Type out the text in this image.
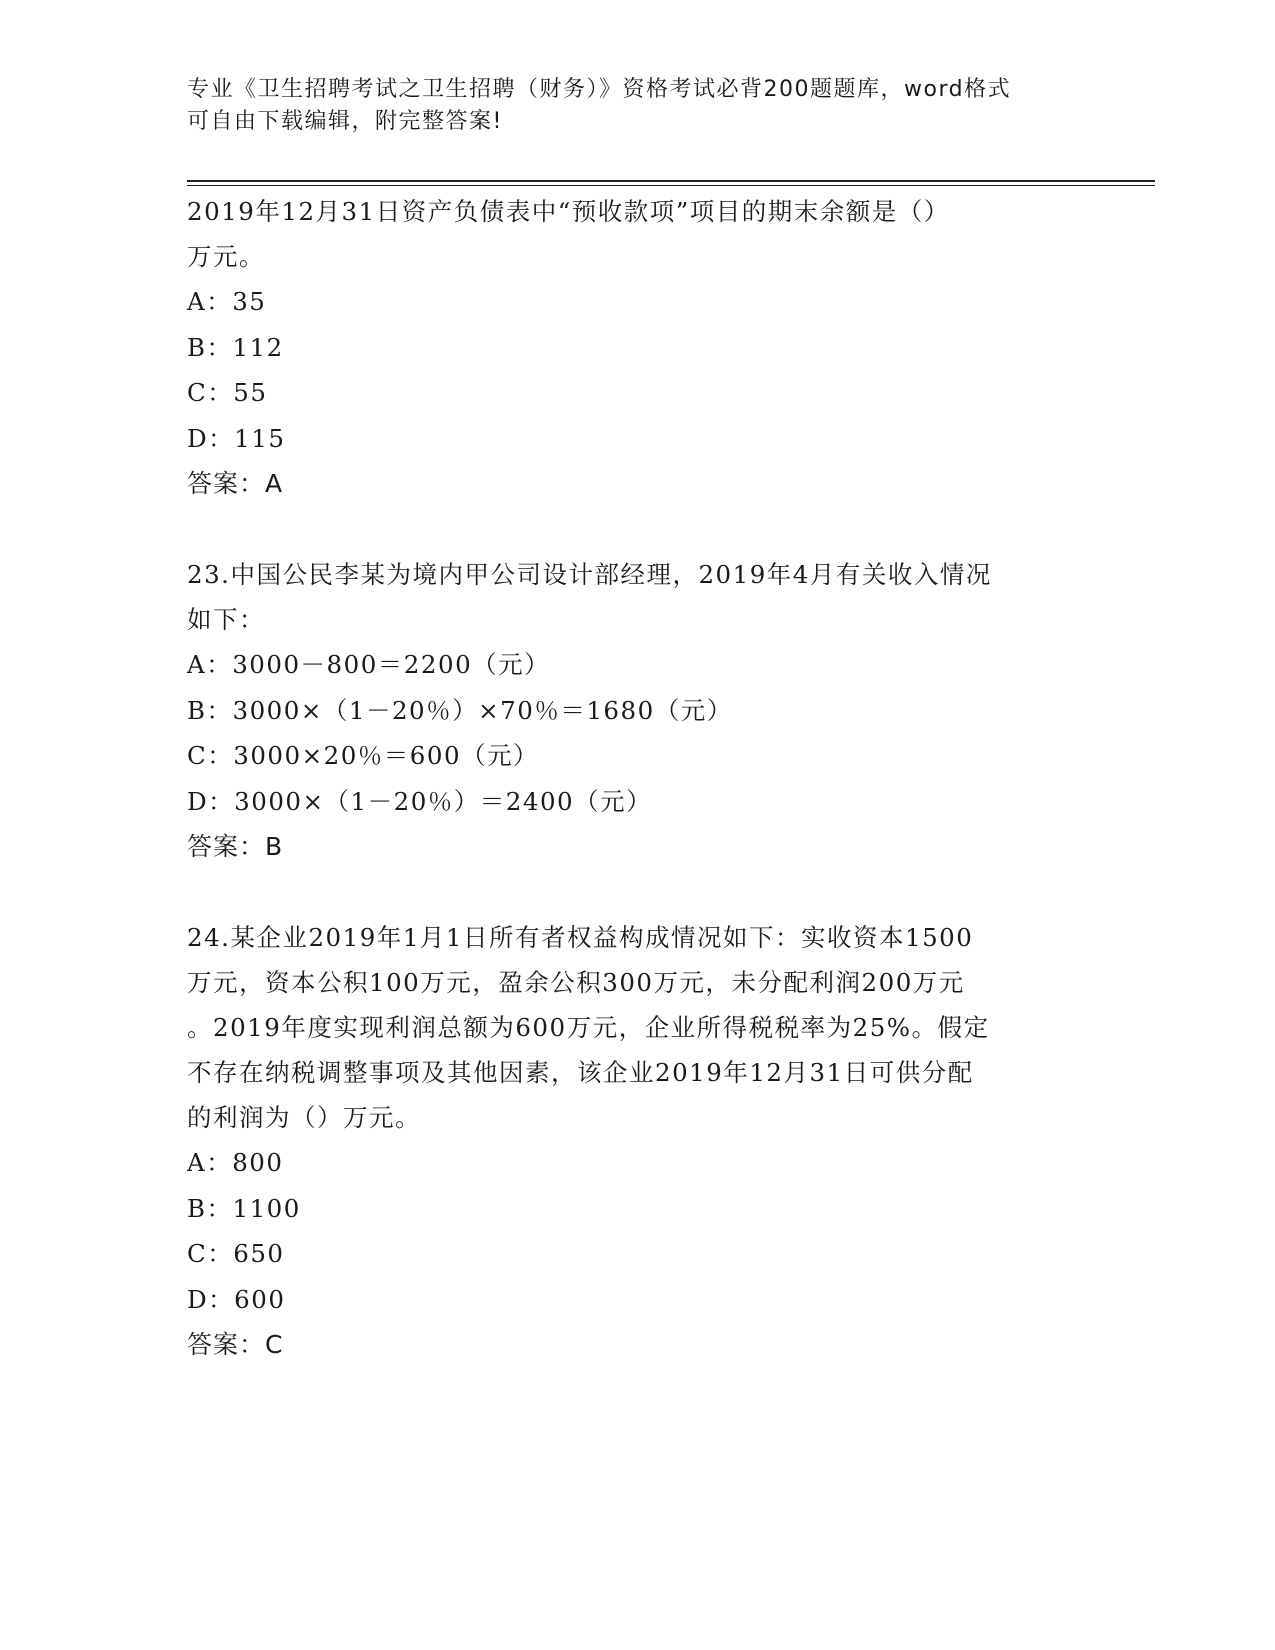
专业《卫生招聘考试之卫生招聘（财务）》资格考试必背200题题库，word格式
可自由下载编辑，附完整答案!
2019年12月31日资产负债表中“预收款项”项目的期末余额是（）
万元。
A：35
B：112
C：55
D：115
答案：A
23.中国公民李某为境内甲公司设计部经理，2019年4月有关收入情况
如下：
A：3000－800＝2200（元）
B：3000×（1－20％）×70％＝1680（元）
C：3000×20％＝600（元）
D：3000×（1－20％）＝2400（元）
答案：B
24.某企业2019年1月1日所有者权益构成情况如下：实收资本1500
万元，资本公积100万元，盈余公积300万元，未分配利润200万元
。2019年度实现利润总额为600万元，企业所得税税率为25%。假定
不存在纳税调整事项及其他因素，该企业2019年12月31日可供分配
的利润为（）万元。
A：800
B：1100
C：650
D：600
答案：C
